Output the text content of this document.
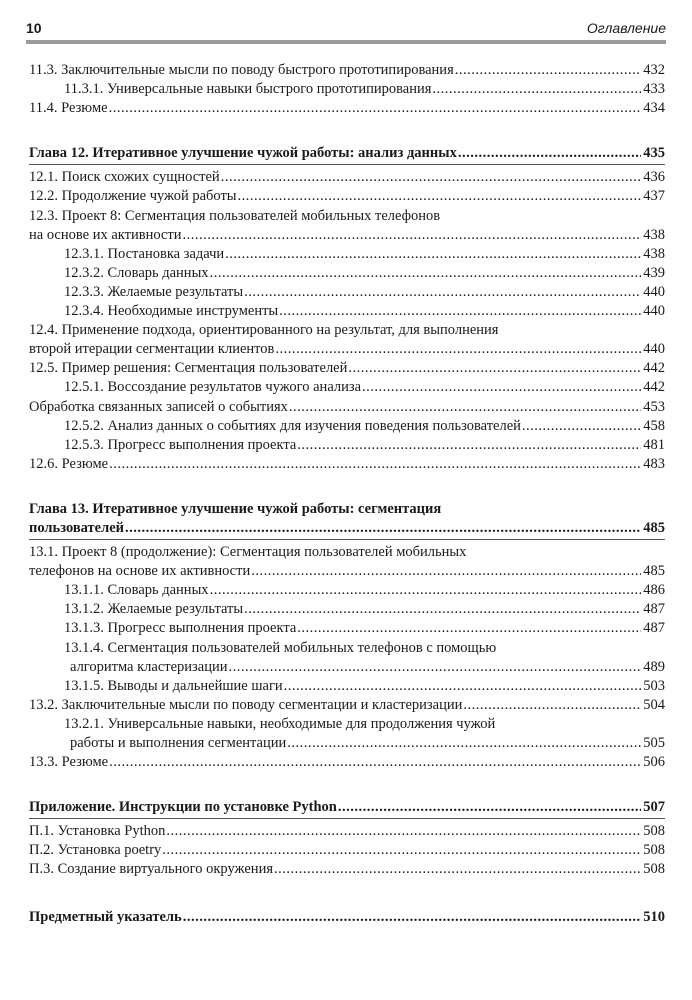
10	Оглавление
11.3. Заключительные мысли по поводу быстрого прототипирования .....	432
11.3.1. Универсальные навыки быстрого прототипирования .....	433
11.4. Резюме .....	434
Глава 12. Итеративное улучшение чужой работы: анализ данных .....	435
12.1. Поиск схожих сущностей .....	436
12.2. Продолжение чужой работы .....	437
12.3. Проект 8: Сегментация пользователей мобильных телефонов
на основе их активности .....	438
12.3.1. Постановка задачи .....	438
12.3.2. Словарь данных .....	439
12.3.3. Желаемые результаты .....	440
12.3.4. Необходимые инструменты .....	440
12.4. Применение подхода, ориентированного на результат, для выполнения
второй итерации сегментации клиентов .....	440
12.5. Пример решения: Сегментация пользователей .....	442
12.5.1. Воссоздание результатов чужого анализа .....	442
Обработка связанных записей о событиях .....	453
12.5.2. Анализ данных о событиях для изучения поведения пользователей .....	458
12.5.3. Прогресс выполнения проекта .....	481
12.6. Резюме .....	483
Глава 13. Итеративное улучшение чужой работы: сегментация
пользователей .....	485
13.1. Проект 8 (продолжение): Сегментация пользователей мобильных
телефонов на основе их активности .....	485
13.1.1. Словарь данных .....	486
13.1.2. Желаемые результаты .....	487
13.1.3. Прогресс выполнения проекта .....	487
13.1.4. Сегментация пользователей мобильных телефонов с помощью
алгоритма кластеризации .....	489
13.1.5. Выводы и дальнейшие шаги .....	503
13.2. Заключительные мысли по поводу сегментации и кластеризации .....	504
13.2.1. Универсальные навыки, необходимые для продолжения чужой
работы и выполнения сегментации .....	505
13.3. Резюме .....	506
Приложение. Инструкции по установке Python .....	507
П.1. Установка Python .....	508
П.2. Установка poetry .....	508
П.3. Создание виртуального окружения .....	508
Предметный указатель .....	510
